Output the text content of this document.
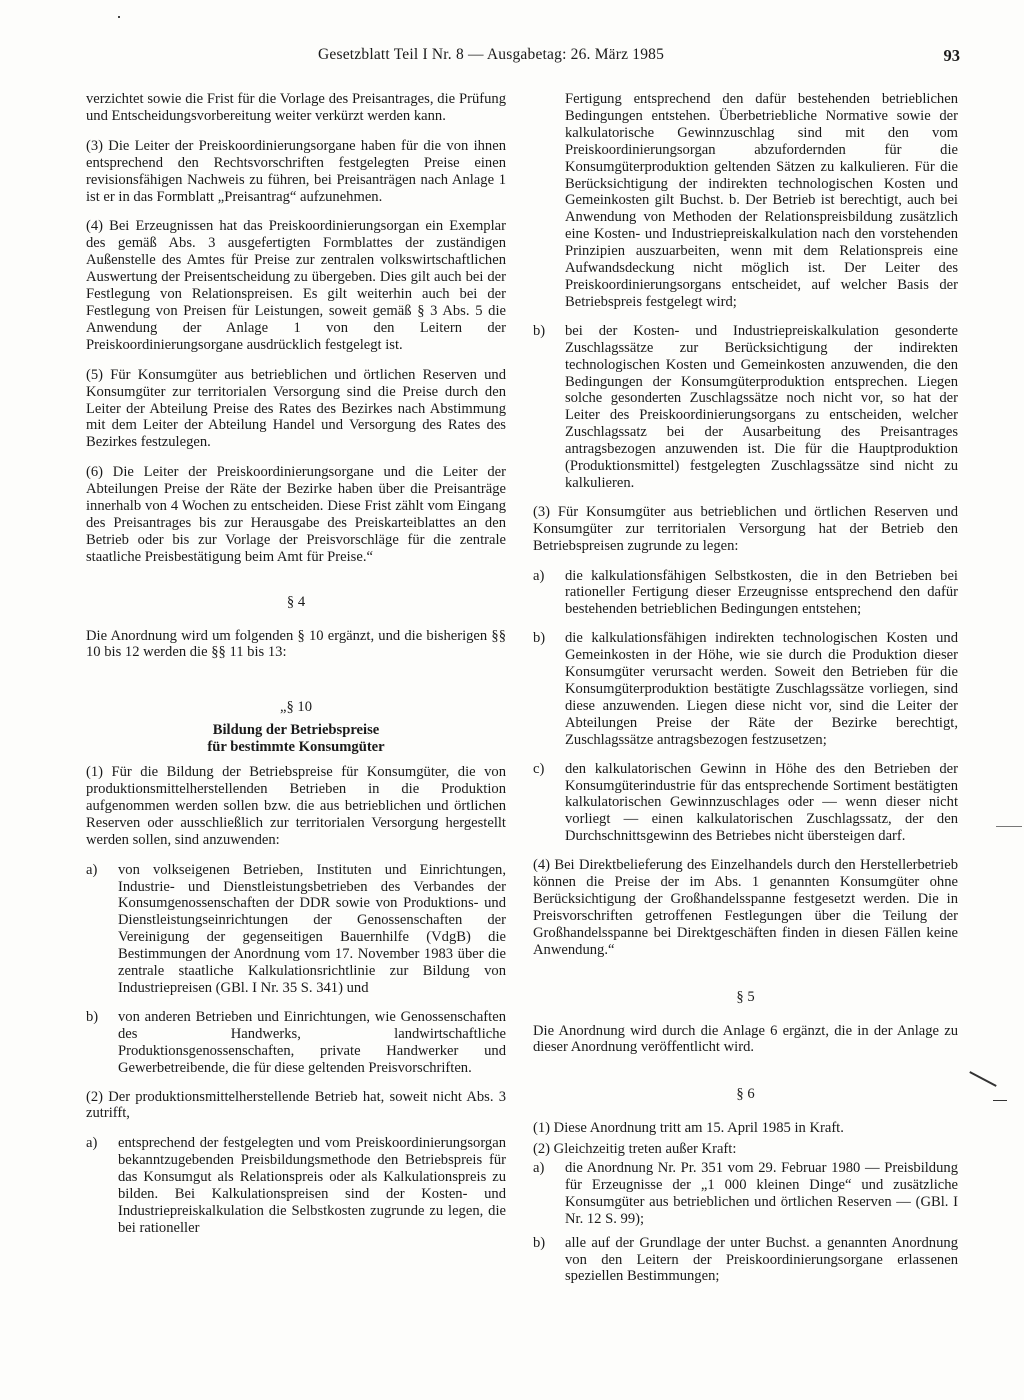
Gesetzblatt Teil I Nr. 8 — Ausgabetag: 26. März 1985	93

verzichtet sowie die Frist für die Vorlage des Preisantrages, die Prüfung und Entscheidungsvorbereitung weiter verkürzt werden kann.

(3) Die Leiter der Preiskoordinierungsorgane haben für die von ihnen entsprechend den Rechtsvorschriften festgelegten Preise einen revisionsfähigen Nachweis zu führen, bei Preisanträgen nach Anlage 1 ist er in das Formblatt „Preisantrag“ aufzunehmen.

(4) Bei Erzeugnissen hat das Preiskoordinierungsorgan ein Exemplar des gemäß Abs. 3 ausgefertigten Formblattes der zuständigen Außenstelle des Amtes für Preise zur zentralen volkswirtschaftlichen Auswertung der Preisentscheidung zu übergeben. Dies gilt auch bei der Festlegung von Relationspreisen. Es gilt weiterhin auch bei der Festlegung von Preisen für Leistungen, soweit gemäß § 3 Abs. 5 die Anwendung der Anlage 1 von den Leitern der Preiskoordinierungsorgane ausdrücklich festgelegt ist.

(5) Für Konsumgüter aus betrieblichen und örtlichen Reserven und Konsumgüter zur territorialen Versorgung sind die Preise durch den Leiter der Abteilung Preise des Rates des Bezirkes nach Abstimmung mit dem Leiter der Abteilung Handel und Versorgung des Rates des Bezirkes festzulegen.

(6) Die Leiter der Preiskoordinierungsorgane und die Leiter der Abteilungen Preise der Räte der Bezirke haben über die Preisanträge innerhalb von 4 Wochen zu entscheiden. Diese Frist zählt vom Eingang des Preisantrages bis zur Herausgabe des Preiskarteiblattes an den Betrieb oder bis zur Vorlage der Preisvorschläge für die zentrale staatliche Preisbestätigung beim Amt für Preise.“

§ 4

Die Anordnung wird um folgenden § 10 ergänzt, und die bisherigen §§ 10 bis 12 werden die §§ 11 bis 13:

„§ 10
Bildung der Betriebspreise
für bestimmte Konsumgüter

(1) Für die Bildung der Betriebspreise für Konsumgüter, die von produktionsmittelherstellenden Betrieben in die Produktion aufgenommen werden sollen bzw. die aus betrieblichen und örtlichen Reserven oder ausschließlich zur territorialen Versorgung hergestellt werden sollen, sind anzuwenden:

a) von volkseigenen Betrieben, Instituten und Einrichtungen, Industrie- und Dienstleistungsbetrieben des Verbandes der Konsumgenossenschaften der DDR sowie von Produktions- und Dienstleistungseinrichtungen der Genossenschaften der Vereinigung der gegenseitigen Bauernhilfe (VdgB) die Bestimmungen der Anordnung vom 17. November 1983 über die zentrale staatliche Kalkulationsrichtlinie zur Bildung von Industriepreisen (GBl. I Nr. 35 S. 341) und
b) von anderen Betrieben und Einrichtungen, wie Genossenschaften des Handwerks, landwirtschaftliche Produktionsgenossenschaften, private Handwerker und Gewerbetreibende, die für diese geltenden Preisvorschriften.

(2) Der produktionsmittelherstellende Betrieb hat, soweit nicht Abs. 3 zutrifft,

a) entsprechend der festgelegten und vom Preiskoordinierungsorgan bekanntzugebenden Preisbildungsmethode den Betriebspreis für das Konsumgut als Relationspreis oder als Kalkulationspreis zu bilden. Bei Kalkulationspreisen sind der Kosten- und Industriepreiskalkulation die Selbstkosten zugrunde zu legen, die bei rationeller
Fertigung entsprechend den dafür bestehenden betrieblichen Bedingungen entstehen. Überbetriebliche Normative sowie der kalkulatorische Gewinnzuschlag sind mit den vom Preiskoordinierungsorgan abzufordernden für die Konsumgüterproduktion geltenden Sätzen zu kalkulieren. Für die Berücksichtigung der indirekten technologischen Kosten und Gemeinkosten gilt Buchst. b. Der Betrieb ist berechtigt, auch bei Anwendung von Methoden der Relationspreisbildung zusätzlich eine Kosten- und Industriepreiskalkulation nach den vorstehenden Prinzipien auszuarbeiten, wenn mit dem Relationspreis eine Aufwandsdeckung nicht möglich ist. Der Leiter des Preiskoordinierungsorgans entscheidet, auf welcher Basis der Betriebspreis festgelegt wird;
b) bei der Kosten- und Industriepreiskalkulation gesonderte Zuschlagssätze zur Berücksichtigung der indirekten technologischen Kosten und Gemeinkosten anzuwenden, die den Bedingungen der Konsumgüterproduktion entsprechen. Liegen solche gesonderten Zuschlagssätze noch nicht vor, so hat der Leiter des Preiskoordinierungsorgans zu entscheiden, welcher Zuschlagssatz bei der Ausarbeitung des Preisantrages antragsbezogen anzuwenden ist. Die für die Hauptproduktion (Produktionsmittel) festgelegten Zuschlagssätze sind nicht zu kalkulieren.

(3) Für Konsumgüter aus betrieblichen und örtlichen Reserven und Konsumgüter zur territorialen Versorgung hat der Betrieb den Betriebspreisen zugrunde zu legen:

a) die kalkulationsfähigen Selbstkosten, die in den Betrieben bei rationeller Fertigung dieser Erzeugnisse entsprechend den dafür bestehenden betrieblichen Bedingungen entstehen;
b) die kalkulationsfähigen indirekten technologischen Kosten und Gemeinkosten in der Höhe, wie sie durch die Produktion dieser Konsumgüter verursacht werden. Soweit den Betrieben für die Konsumgüterproduktion bestätigte Zuschlagssätze vorliegen, sind diese anzuwenden. Liegen diese nicht vor, sind die Leiter der Abteilungen Preise der Räte der Bezirke berechtigt, Zuschlagssätze antragsbezogen festzusetzen;
c) den kalkulatorischen Gewinn in Höhe des den Betrieben der Konsumgüterindustrie für das entsprechende Sortiment bestätigten kalkulatorischen Gewinnzuschlages oder — wenn dieser nicht vorliegt — einen kalkulatorischen Zuschlagssatz, der den Durchschnittsgewinn des Betriebes nicht übersteigen darf.

(4) Bei Direktbelieferung des Einzelhandels durch den Herstellerbetrieb können die Preise der im Abs. 1 genannten Konsumgüter ohne Berücksichtigung der Großhandelsspanne festgesetzt werden. Die in Preisvorschriften getroffenen Festlegungen über die Teilung der Großhandelsspanne bei Direktgeschäften finden in diesen Fällen keine Anwendung.“

§ 5

Die Anordnung wird durch die Anlage 6 ergänzt, die in der Anlage zu dieser Anordnung veröffentlicht wird.

§ 6

(1) Diese Anordnung tritt am 15. April 1985 in Kraft.

(2) Gleichzeitig treten außer Kraft:

a) die Anordnung Nr. Pr. 351 vom 29. Februar 1980 — Preisbildung für Erzeugnisse der „1 000 kleinen Dinge“ und zusätzliche Konsumgüter aus betrieblichen und örtlichen Reserven — (GBl. I Nr. 12 S. 99);
b) alle auf der Grundlage der unter Buchst. a genannten Anordnung von den Leitern der Preiskoordinierungsorgane erlassenen speziellen Bestimmungen;
